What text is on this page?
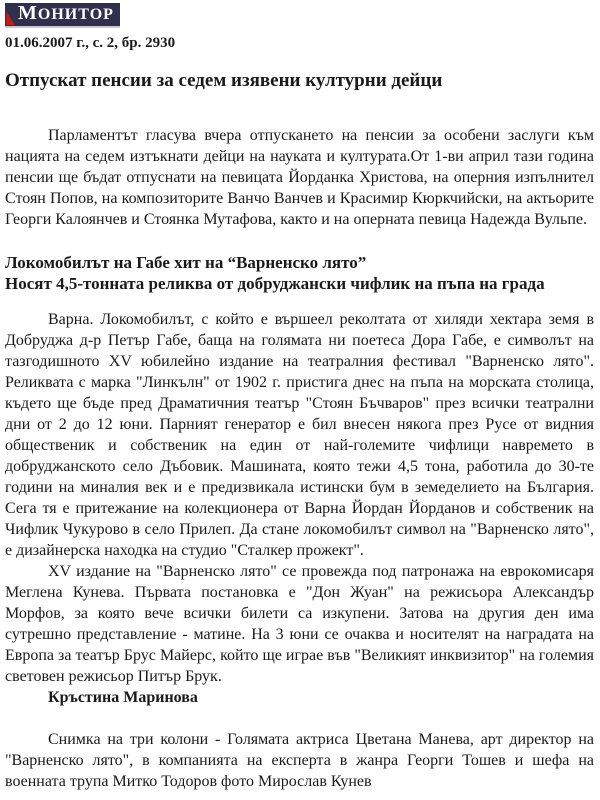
МОНИТОР
01.06.2007 г., с. 2, бр. 2930
Отпускат пенсии за седем изявени културни дейци

Парламентът гласува вчера отпускането на пенсии за особени заслуги към нацията на седем изтъкнати дейци на науката и културата.От 1-ви април тази година пенсии ще бъдат отпуснати на певицата Йорданка Христова, на оперния изпълнител Стоян Попов, на композиторите Ванчо Ванчев и Красимир Кюркчийски, на актьорите Георги Калоянчев и Стоянка Мутафова, както и на оперната певица Надежда Вульпе.

Локомобилът на Габе хит на “Варненско лято”
Носят 4,5-тонната реликва от добруджански чифлик на пъпа на града

Варна. Локомобилът, с който е вършеел реколтата от хиляди хектара земя в Добруджа д-р Петър Габе, баща на голямата ни поетеса Дора Габе, е символът на тазгодишното XV юбилейно издание на театралния фестивал "Варненско лято". Реликвата с марка "Линкълн" от 1902 г. пристига днес на пъпа на морската столица, където ще бъде пред Драматичния театър "Стоян Бъчваров" през всички театрални дни от 2 до 12 юни. Парният генератор е бил внесен някога през Русе от видния общественик и собственик на един от най-големите чифлици навремето в добруджанското село Дъбовик. Машината, която тежи 4,5 тона, работила до 30-те години на миналия век и е предизвикала истински бум в земеделието на България. Сега тя е притежание на колекционера от Варна Йордан Йорданов и собственик на Чифлик Чукурово в село Прилеп. Да стане локомобилът символ на "Варненско лято", е дизайнерска находка на студио "Сталкер прожект".

XV издание на "Варненско лято" се провежда под патронажа на еврокомисаря Меглена Кунева. Първата постановка е "Дон Жуан" на режисьора Александър Морфов, за която вече всички билети са изкупени. Затова на другия ден има сутрешно представление - матине. На 3 юни се очаква и носителят на наградата на Европа за театър Брус Майерс, който ще играе във "Великият инквизитор" на големия световен режисьор Питър Брук.

Кръстина Маринова

Снимка на три колони - Голямата актриса Цветана Манева, арт директор на "Варненско лято", в компанията на експерта в жанра Георги Тошев и шефа на военната трупа Митко Тодоров фото Мирослав Кунев
